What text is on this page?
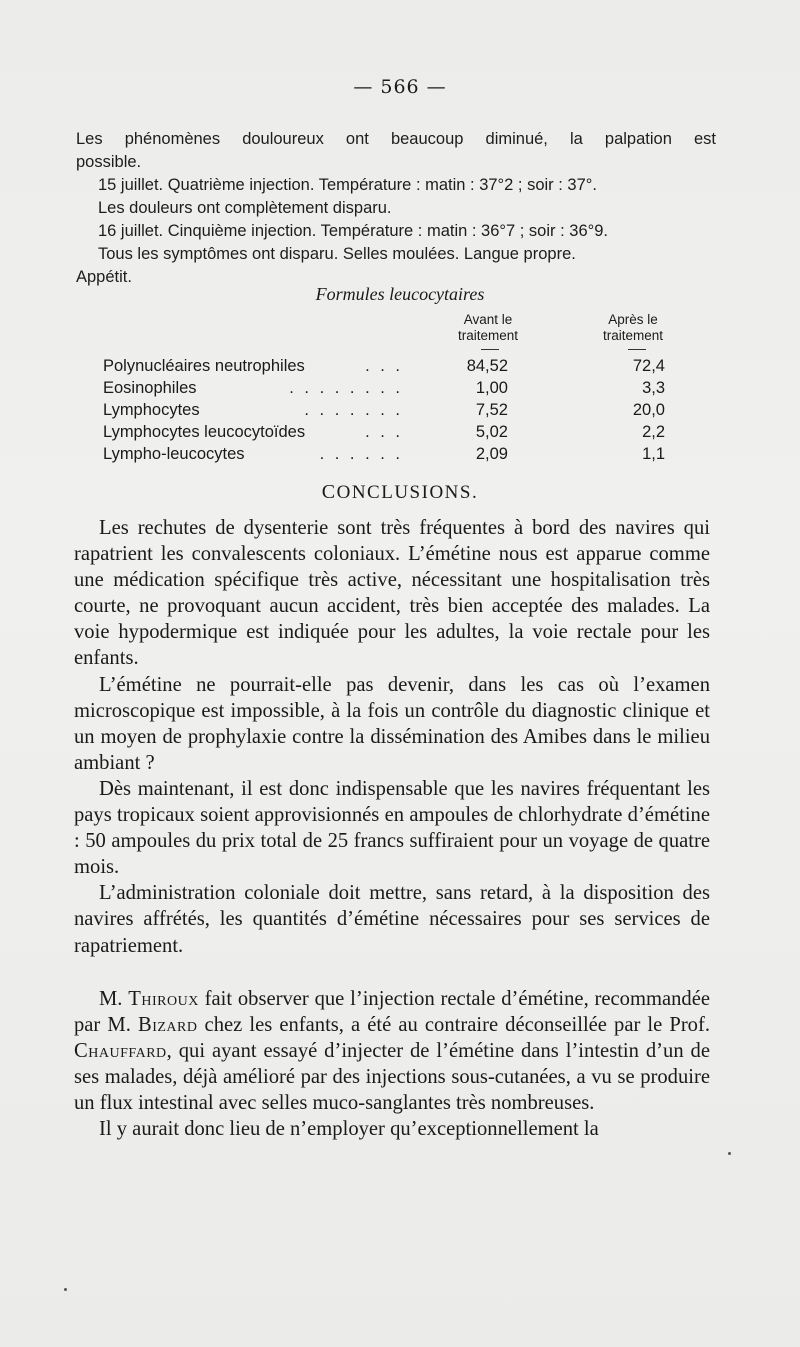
— 566 —
Les phénomènes douloureux ont beaucoup diminué, la palpation est
possible.
15 juillet. Quatrième injection. Température : matin : 37°2 ; soir : 37°.
Les douleurs ont complètement disparu.
16 juillet. Cinquième injection. Température : matin : 36°7 ; soir : 36°9.
Tous les symptômes ont disparu. Selles moulées. Langue propre.
Appétit.
Formules leucocytaires
Avant le
traitement
Après le
traitement
Polynucléaires neutrophiles	. . .	84,52	72,4
Eosinophiles	. . . . . . . .	1,00	3,3
Lymphocytes	. . . . . . .	7,52	20,0
Lymphocytes leucocytoïdes	. . .	5,02	2,2
Lympho-leucocytes	. . . . . .	2,09	1,1
CONCLUSIONS.

Les rechutes de dysenterie sont très fréquentes à bord des navires qui rapatrient les convalescents coloniaux. L’émétine nous est apparue comme une médication spécifique très active, nécessitant une hospitalisation très courte, ne provoquant aucun accident, très bien acceptée des malades. La voie hypodermique est indiquée pour les adultes, la voie rectale pour les enfants.

L’émétine ne pourrait-elle pas devenir, dans les cas où l’examen microscopique est impossible, à la fois un contrôle du diagnostic clinique et un moyen de prophylaxie contre la dissémination des Amibes dans le milieu ambiant ?

Dès maintenant, il est donc indispensable que les navires fréquentant les pays tropicaux soient approvisionnés en ampoules de chlorhydrate d’émétine : 50 ampoules du prix total de 25 francs suffiraient pour un voyage de quatre mois.

L’administration coloniale doit mettre, sans retard, à la disposition des navires affrétés, les quantités d’émétine nécessaires pour ses services de rapatriement.

M. Thiroux fait observer que l’injection rectale d’émétine, recommandée par M. Bizard chez les enfants, a été au contraire déconseillée par le Prof. Chauffard, qui ayant essayé d’injecter de l’émétine dans l’intestin d’un de ses malades, déjà amélioré par des injections sous-cutanées, a vu se produire un flux intestinal avec selles muco-sanglantes très nombreuses.

Il y aurait donc lieu de n’employer qu’exceptionnellement la
